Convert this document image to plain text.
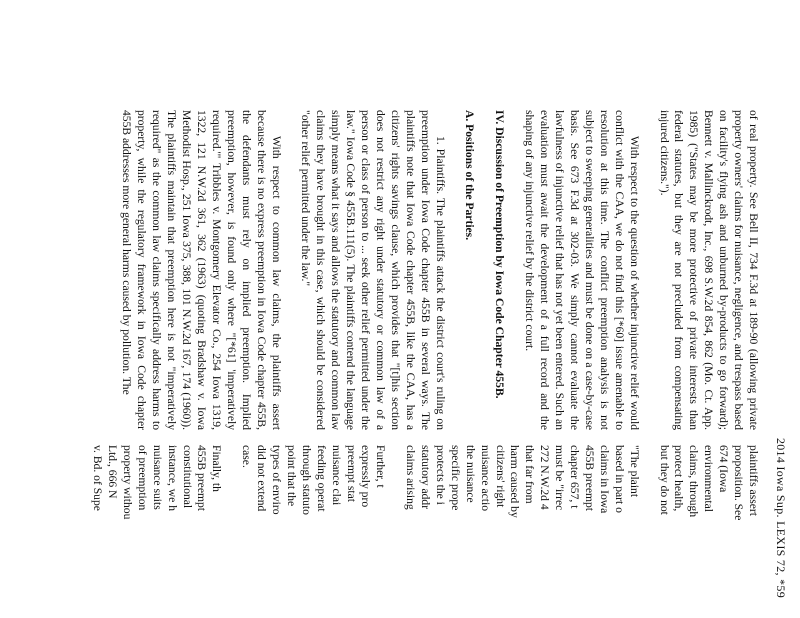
2014 Iowa Sup. LEXIS 72, *59

of real property. See Bell II, 734 F.3d at 189-90 (allowing private property owners' claims for nuisance, negligence, and trespass based on facility's flying ash and unburned by-products to go forward); Bennett v. Mallinckrodt, Inc., 698 S.W.2d 854, 862 (Mo. Ct. App. 1985) ("States may be more protective of private interests than federal statutes, but they are not precluded from compensating injured citizens.").

With respect to the question of whether injunctive relief would conflict with the CAA, we do not find this [*60] issue amenable to resolution at this time. The conflict preemption analysis is not subject to sweeping generalities and must be done on a case-by-case basis. See 673 F.3d at 302-03. We simply cannot evaluate the lawfulness of injunctive relief that has not yet been entered. Such an evaluation must await the development of a full record and the shaping of any injunctive relief by the district court.

IV. Discussion of Preemption by Iowa Code Chapter 455B.

A. Positions of the Parties.

1. Plaintiffs. The plaintiffs attack the district court's ruling on preemption under Iowa Code chapter 455B in several ways. The plaintiffs note that Iowa Code chapter 455B, like the CAA, has a citizens' rights savings clause, which provides that "[t]his section does not restrict any right under statutory or common law of a person or class of person to ... seek other relief permitted under the law." Iowa Code § 455B.111(5). The plaintiffs contend the language simply means what it says and allows the statutory and common law claims they have brought in this case, which should be considered "other relief permitted under the law."

With respect to common law claims, the plaintiffs assert because there is no express preemption in Iowa Code chapter 455B, the defendants must rely on implied preemption. Implied preemption, however, is found only where "[*61] 'imperatively required.'" Tribbles v. Montgomery Elevator Co., 254 Iowa 1319, 1322, 121 N.W.2d 361, 362 (1963) (quoting Bradshaw v. Iowa Methodist Hosp., 251 Iowa 375, 388, 101 N.W.2d 167, 174 (1960)). The plaintiffs maintain that preemption here is not "imperatively required" as the common law claims specifically address harms to property, while the regulatory framework in Iowa Code chapter 455B addresses more general harms caused by pollution. The

plaintiffs assert
proposition. See
674 (Iowa
environmental
claims, through
protect health,
but they do not

"The plaint
based in part o
claims in Iowa
455B preempt
chapter 657, t
must be "irrec
272 N.W.2d 4
that far from
harm caused by
citizens' right
nuisance actio
the nuisance
specific prope
protects the i
statutory addr
claims arising

Further, t
expressly pro
preempt stat
nuisance clai
feeding operat
through statuto
point that the
types of enviro
did not extend
case.

Finally, th
455B preempt
constitutional
instance, we h
nuisance suits
of preemption
property withou
Ltd., 666 N
v. Bd. of Supe
